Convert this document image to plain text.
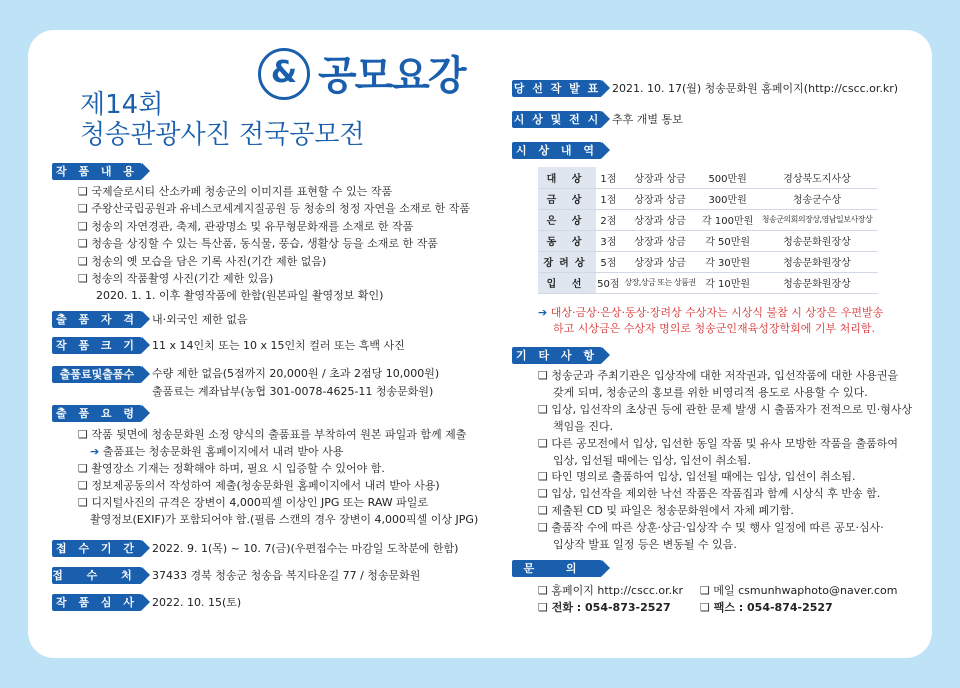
& 공모요강
제14회
청송관광사진 전국공모전
작 품 내 용
❑ 국제슬로시티 산소카페 청송군의 이미지를 표현할 수 있는 작품
❑ 주왕산국립공원과 유네스코세계지질공원 등 청송의 청정 자연을 소재로 한 작품
❑ 청송의 자연경관, 축제, 관광명소 및 유무형문화재를 소재로 한 작품
❑ 청송을 상징할 수 있는 특산품, 동식물, 풍습, 생활상 등을 소재로 한 작품
❑ 청송의 옛 모습을 담은 기록 사진(기간 제한 없음)
❑ 청송의 작품촬영 사진(기간 제한 있음)
2020. 1. 1. 이후 촬영작품에 한함(원본파일 촬영정보 확인)
출 품 자 격	내·외국인 제한 없음
작 품 크 기	11 x 14인치 또는 10 x 15인치 컬러 또는 흑백 사진
출품료및출품수	수량 제한 없음(5점까지 20,000원 / 초과 2점당 10,000원)
출품료는 계좌납부(농협 301-0078-4625-11 청송문화원)
출 품 요 령
❑ 작품 뒷면에 청송문화원 소정 양식의 출품표를 부착하여 원본 파일과 함께 제출
➔ 출품표는 청송문화원 홈페이지에서 내려 받아 사용
❑ 촬영장소 기재는 정확해야 하며, 필요 시 입증할 수 있어야 함.
❑ 정보제공동의서 작성하여 제출(청송문화원 홈페이지에서 내려 받아 사용)
❑ 디지털사진의 규격은 장변이 4,000픽셀 이상인 JPG 또는 RAW 파일로
촬영정보(EXIF)가 포함되어야 함.(필름 스캔의 경우 장변이 4,000픽셀 이상 JPG)
접 수 기 간	2022. 9. 1(목) ~ 10. 7(금)(우편접수는 마감일 도착분에 한함)
접 수 처 37433 경북 청송군 청송읍 복지타운길 77 / 청송문화원
작 품 심 사	2022. 10. 15(토)
당 선 작 발 표 2021. 10. 17(월) 청송문화원 홈페이지(http://cscc.or.kr)
시 상 및 전 시 추후 개별 통보
시 상 내 역
대 상	1점	상장과 상금	500만원	경상북도지사상
금 상	1점	상장과 상금	300만원	청송군수상
은 상	2점	상장과 상금	각 100만원	청송군의회의장상,영남일보사장상
동 상	3점	상장과 상금	각 50만원	청송문화원장상
장려상	5점	상장과 상금	각 30만원	청송문화원장상
입 선	50점	상장,상금 또는 상품권	각 10만원	청송문화원장상
➔ 대상·금상·은상·동상·장려상 수상자는 시상식 불참 시 상장은 우편발송
하고 시상금은 수상자 명의로 청송군인재육성장학회에 기부 처리함.
기 타 사 항
❑ 청송군과 주최기관은 입상작에 대한 저작권과, 입선작품에 대한 사용권을
갖게 되며, 청송군의 홍보를 위한 비영리적 용도로 사용할 수 있다.
❑ 입상, 입선작의 초상권 등에 관한 문제 발생 시 출품자가 전적으로 민·형사상
책임을 진다.
❑ 다른 공모전에서 입상, 입선한 동일 작품 및 유사 모방한 작품을 출품하여
입상, 입선될 때에는 입상, 입선이 취소됨.
❑ 타인 명의로 출품하여 입상, 입선될 때에는 입상, 입선이 취소됨.
❑ 입상, 입선작을 제외한 낙선 작품은 작품집과 함께 시상식 후 반송 함.
❑ 제출된 CD 및 파일은 청송문화원에서 자체 폐기함.
❑ 출품작 수에 따른 상훈·상금·입상작 수 및 행사 일정에 따른 공모·심사·
입상작 발표 일정 등은 변동될 수 있음.
문 의
❑ 홈페이지 http://cscc.or.kr	❑ 메일 csmunhwaphoto@naver.com
❑ 전화 : 054-873-2527	❑ 팩스 : 054-874-2527
